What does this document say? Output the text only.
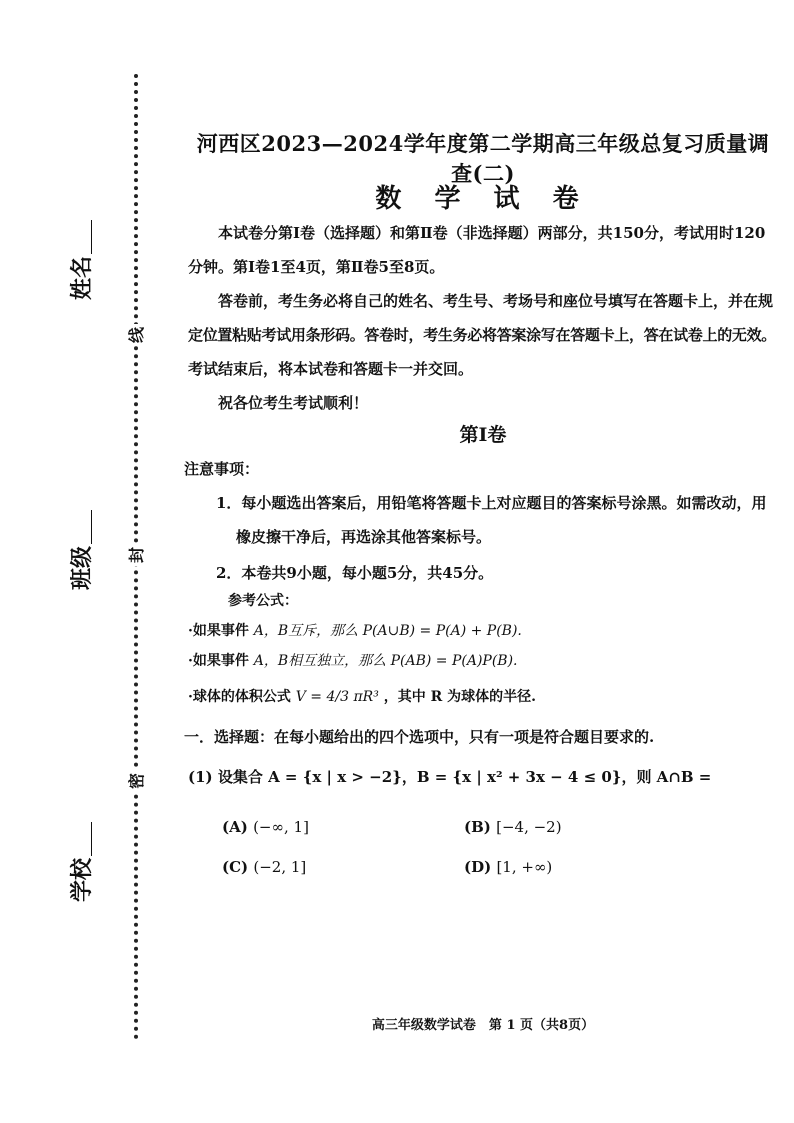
线
封
密
姓名
班级
学校
河西区2023—2024学年度第二学期高三年级总复习质量调查(二)
数 学 试 卷
本试卷分第Ⅰ卷（选择题）和第Ⅱ卷（非选择题）两部分，共150分，考试用时120
分钟。第Ⅰ卷1至4页，第Ⅱ卷5至8页。
答卷前，考生务必将自己的姓名、考生号、考场号和座位号填写在答题卡上，并在规
定位置粘贴考试用条形码。答卷时，考生务必将答案涂写在答题卡上，答在试卷上的无效。
考试结束后，将本试卷和答题卡一并交回。
祝各位考生考试顺利！
第Ⅰ卷
注意事项：
1．每小题选出答案后，用铅笔将答题卡上对应题目的答案标号涂黑。如需改动，用
橡皮擦干净后，再选涂其他答案标号。
2．本卷共9小题，每小题5分，共45分。
参考公式：
·如果事件 A，B互斥，那么 P(A∪B) = P(A) + P(B).
·如果事件 A，B相互独立，那么 P(AB) = P(A)P(B).
·球体的体积公式 V = 4/3 πR³ ，其中 R 为球体的半径.
一．选择题：在每小题给出的四个选项中，只有一项是符合题目要求的.
(1) 设集合 A = {x | x > −2}，B = {x | x² + 3x − 4 ≤ 0}，则 A∩B =
(A) (−∞, 1]	(B) [−4, −2)
(C) (−2, 1]	(D) [1, +∞)
高三年级数学试卷　第 1 页（共8页）
